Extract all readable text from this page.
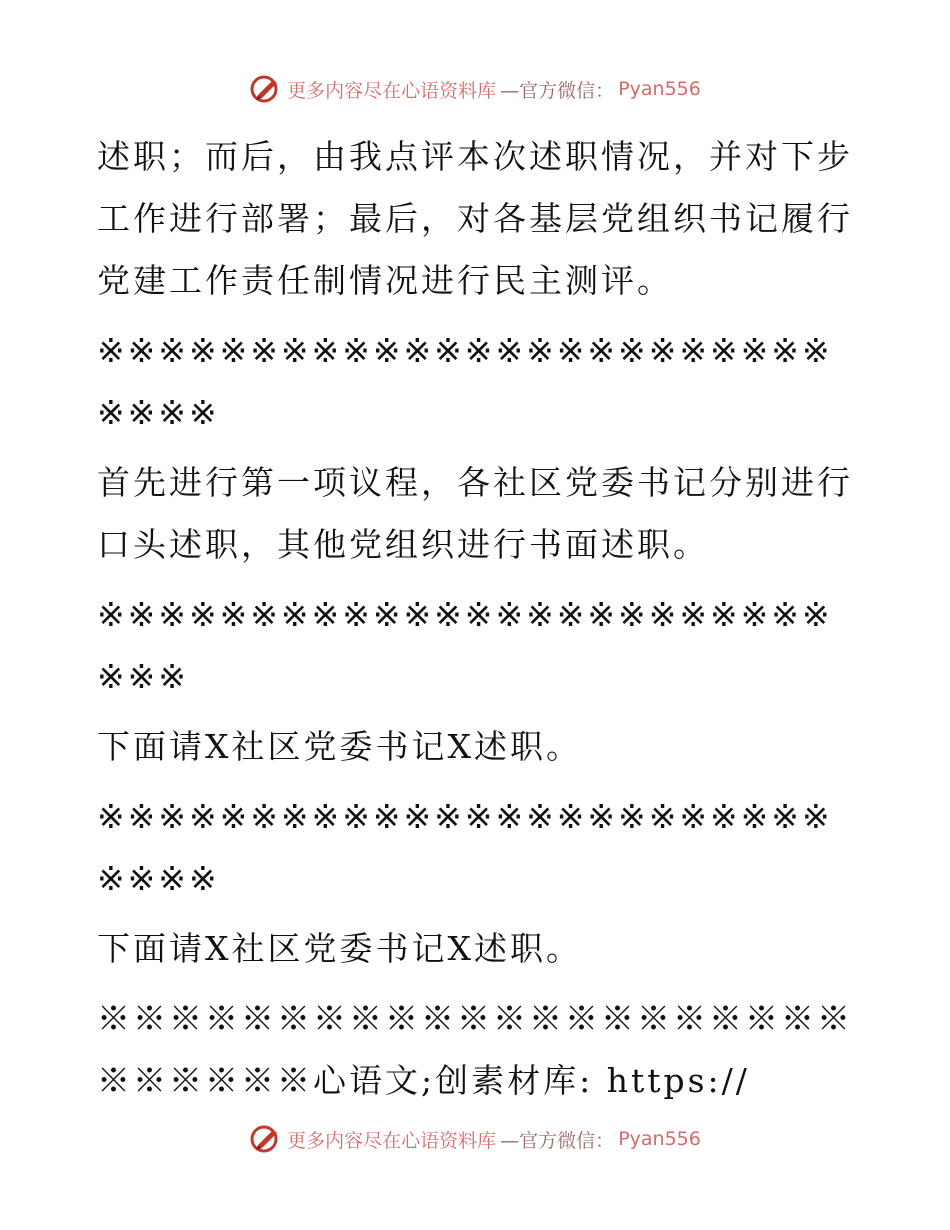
更多内容尽在心语资料库 —官方微信： Pyan556

述职；而后，由我点评本次述职情况，并对下步工作进行部署；最后，对各基层党组织书记履行党建工作责任制情况进行民主测评。

※※※※※※※※※※※※※※※※※※※※※※※※※※※※

首先进行第一项议程，各社区党委书记分别进行口头述职，其他党组织进行书面述职。

※※※※※※※※※※※※※※※※※※※※※※※※※※※

下面请X社区党委书记X述职。

※※※※※※※※※※※※※※※※※※※※※※※※※※※※

下面请X社区党委书记X述职。

※※※※※※※※※※※※※※※※※※※※※※※※※※※心语文;创素材库: https://

更多内容尽在心语资料库 —官方微信： Pyan556
